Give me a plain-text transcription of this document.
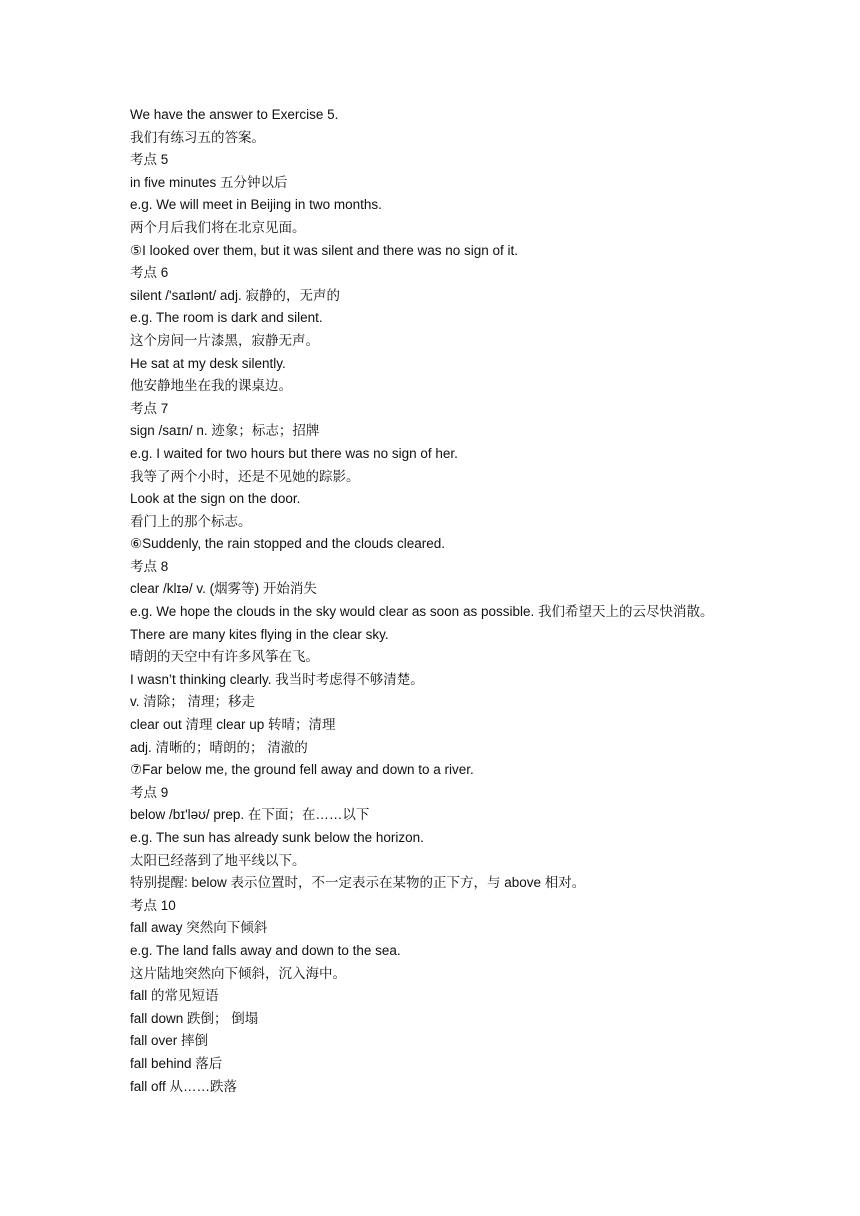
We have the answer to Exercise 5.
我们有练习五的答案。
考点 5
in five minutes 五分钟以后
e.g. We will meet in Beijing in two months.
两个月后我们将在北京见面。
⑤I looked over them, but it was silent and there was no sign of it.
考点 6
silent /'saɪlənt/ adj. 寂静的，无声的
e.g. The room is dark and silent.
这个房间一片漆黑，寂静无声。
He sat at my desk silently.
他安静地坐在我的课桌边。
考点 7
sign /saɪn/ n. 迹象；标志；招牌
e.g. I waited for two hours but there was no sign of her.
我等了两个小时，还是不见她的踪影。
Look at the sign on the door.
看门上的那个标志。
⑥Suddenly, the rain stopped and the clouds cleared.
考点 8
clear /klɪə/ v. (烟雾等) 开始消失
e.g. We hope the clouds in the sky would clear as soon as possible. 我们希望天上的云尽快消散。
There are many kites flying in the clear sky.
晴朗的天空中有许多风筝在飞。
I wasn’t thinking clearly. 我当时考虑得不够清楚。
v. 清除； 清理；移走
clear out 清理 clear up 转晴；清理
adj. 清晰的；晴朗的； 清澈的
⑦Far below me, the ground fell away and down to a river.
考点 9
below /bɪ'ləʊ/ prep. 在下面；在……以下
e.g. The sun has already sunk below the horizon.
太阳已经落到了地平线以下。
特别提醒: below 表示位置时，不一定表示在某物的正下方，与 above 相对。
考点 10
fall away 突然向下倾斜
e.g. The land falls away and down to the sea.
这片陆地突然向下倾斜，沉入海中。
fall 的常见短语
fall down 跌倒； 倒塌
fall over 摔倒
fall behind 落后
fall off 从……跌落
